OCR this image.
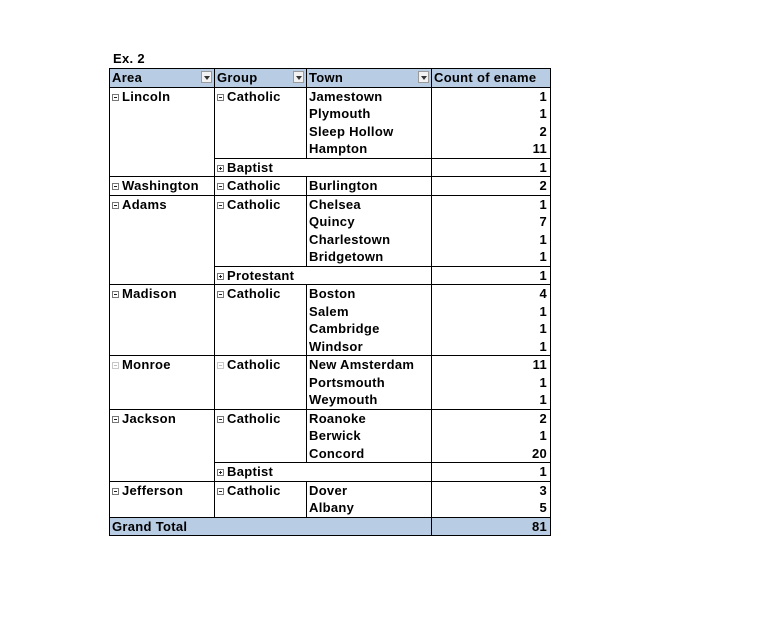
Ex. 2
Area	Group	Town	Count of ename
Lincoln	Catholic	Jamestown	1
		Plymouth	1
		Sleep Hollow	2
		Hampton	11
	Baptist		1
Washington	Catholic	Burlington	2
Adams	Catholic	Chelsea	1
		Quincy	7
		Charlestown	1
		Bridgetown	1
	Protestant		1
Madison	Catholic	Boston	4
		Salem	1
		Cambridge	1
		Windsor	1
Monroe	Catholic	New Amsterdam	11
		Portsmouth	1
		Weymouth	1
Jackson	Catholic	Roanoke	2
		Berwick	1
		Concord	20
	Baptist		1
Jefferson	Catholic	Dover	3
		Albany	5
Grand Total			81
